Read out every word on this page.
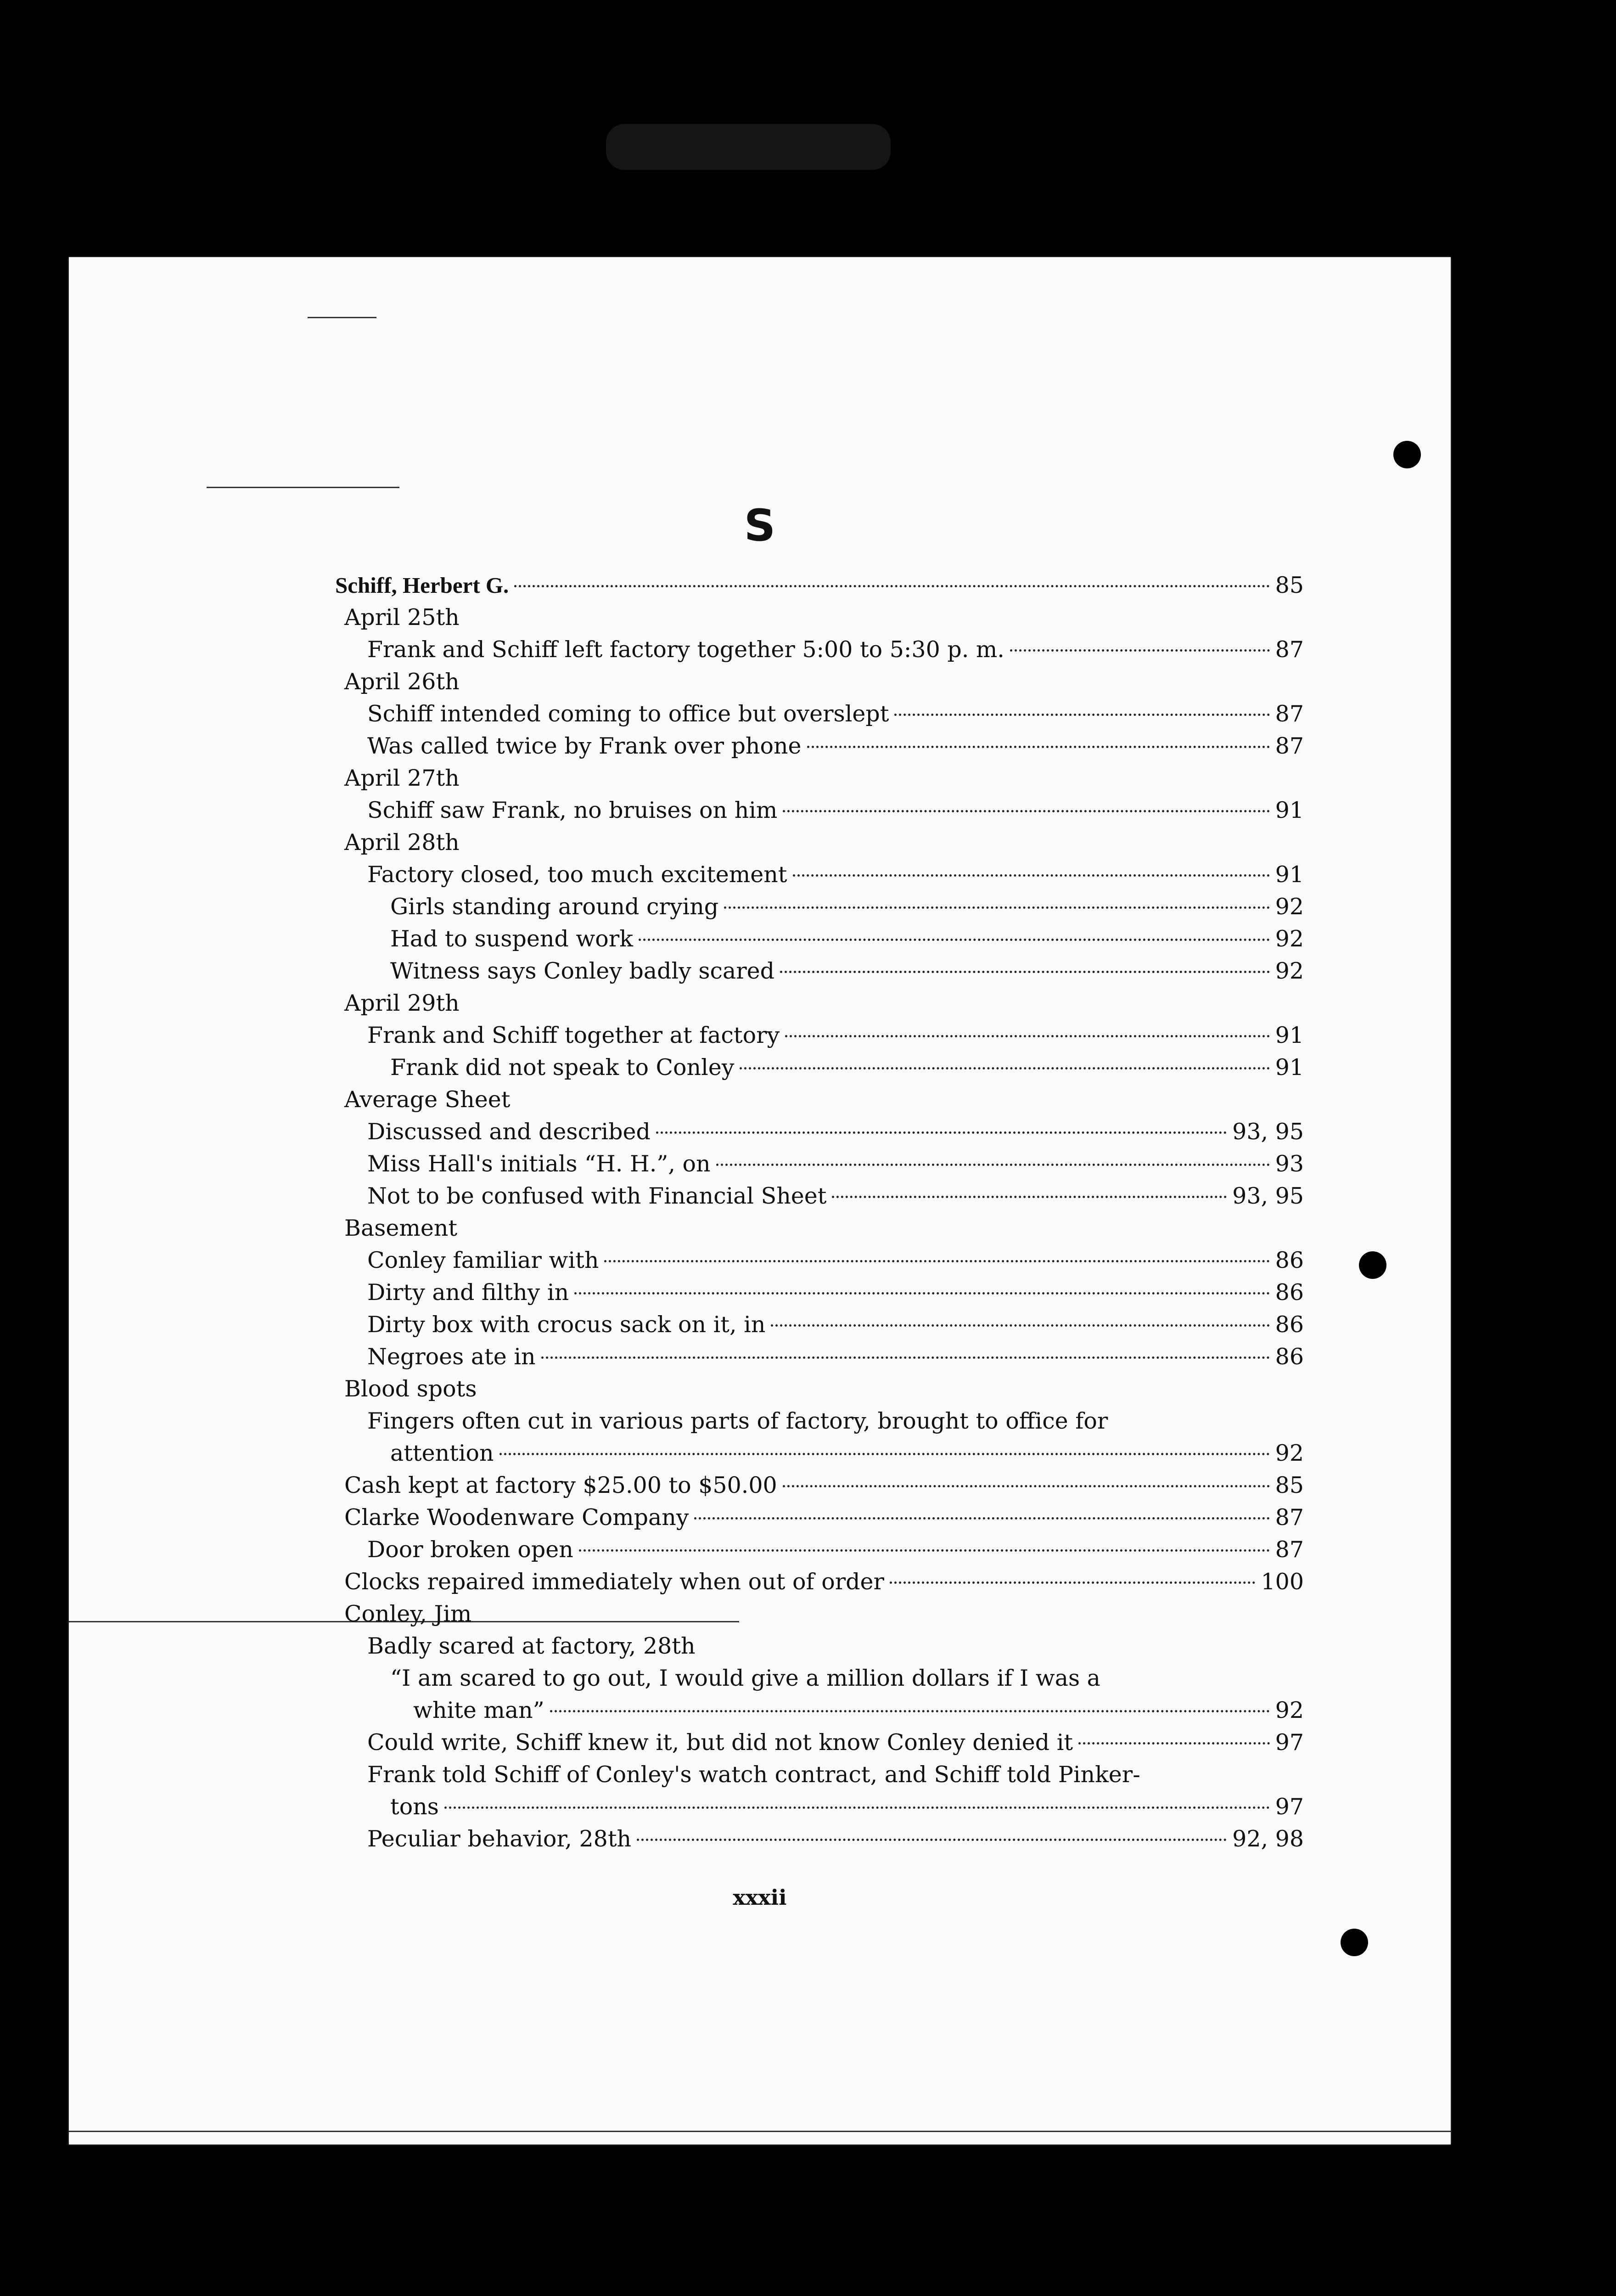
S
Schiff, Herbert G.	85
April 25th
Frank and Schiff left factory together 5:00 to 5:30 p. m.	87
April 26th
Schiff intended coming to office but overslept	87
Was called twice by Frank over phone	87
April 27th
Schiff saw Frank, no bruises on him	91
April 28th
Factory closed, too much excitement	91
Girls standing around crying	92
Had to suspend work	92
Witness says Conley badly scared	92
April 29th
Frank and Schiff together at factory	91
Frank did not speak to Conley	91
Average Sheet
Discussed and described	93, 95
Miss Hall's initials “H. H.”, on	93
Not to be confused with Financial Sheet	93, 95
Basement
Conley familiar with	86
Dirty and filthy in	86
Dirty box with crocus sack on it, in	86
Negroes ate in	86
Blood spots
Fingers often cut in various parts of factory, brought to office for
attention	92
Cash kept at factory $25.00 to $50.00	85
Clarke Woodenware Company	87
Door broken open	87
Clocks repaired immediately when out of order	100
Conley, Jim
Badly scared at factory, 28th
“I am scared to go out, I would give a million dollars if I was a
white man”	92
Could write, Schiff knew it, but did not know Conley denied it	97
Frank told Schiff of Conley's watch contract, and Schiff told Pinker-
tons	97
Peculiar behavior, 28th	92, 98
xxxii
